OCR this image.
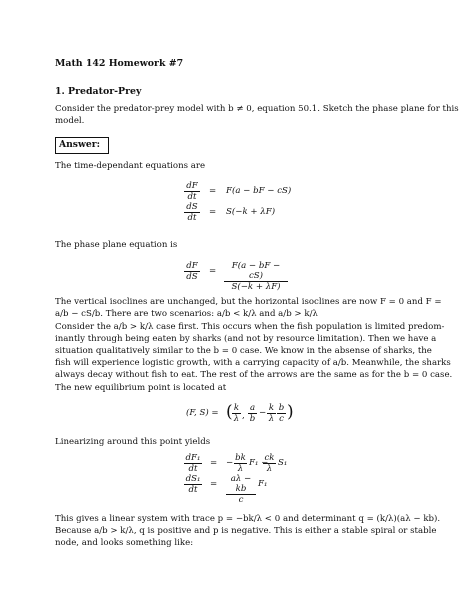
Math 142 Homework #7
1. Predator-Prey
Consider the predator-prey model with b ≠ 0, equation 50.1. Sketch the phase plane for this
model.
Answer:
The time-dependant equations are
$\frac{dF}{dt} = F(a$ − bF − cS)
$\frac{dS}{dt} = S(-k + \lambda F)$
The phase plane equation is
$\frac{dF}{dS} = \frac{F(a - bF - cS)}{S(-k + \lambda F)}$
The vertical isoclines are unchanged, but the horizontal isoclines are now F = 0 and F =
a/b − cS/b. There are two scenarios: a/b < k/λ and a/b > k/λ
Consider the a/b > k/λ case first. This occurs when the fish population is limited predom-
inantly through being eaten by sharks (and not by resource limitation). Then we have a
situation qualitatively similar to the b = 0 case. We know in the absense of sharks, the
fish will experience logistic growth, with a carrying capacity of a/b. Meanwhile, the sharks
always decay without fish to eat. The rest of the arrows are the same as for the b = 0 case.
The new equilibrium point is located at
(F, S) = ( $\frac{k}{\lambda}$ , $\frac{a}{b} - \frac{k}{\lambda} \frac{b}{c}$ )
Linearizing around this point yields
$\frac{\text{dF₁}}{dt}$ = − $\frac{bk}{\lambda} F_1$ −
$\frac{ck}{\lambda} S_1$
$\frac{\text{dS₁}}{dt} = \frac{a\lambda - kb}{c} F_1$
This gives a linear system with trace p = −bk/λ < 0 and determinant q = (k/λ)(aλ − kb).
Because a/b > k/λ, q is positive and p is negative. This is either a stable spiral or stable
node, and looks something like:
